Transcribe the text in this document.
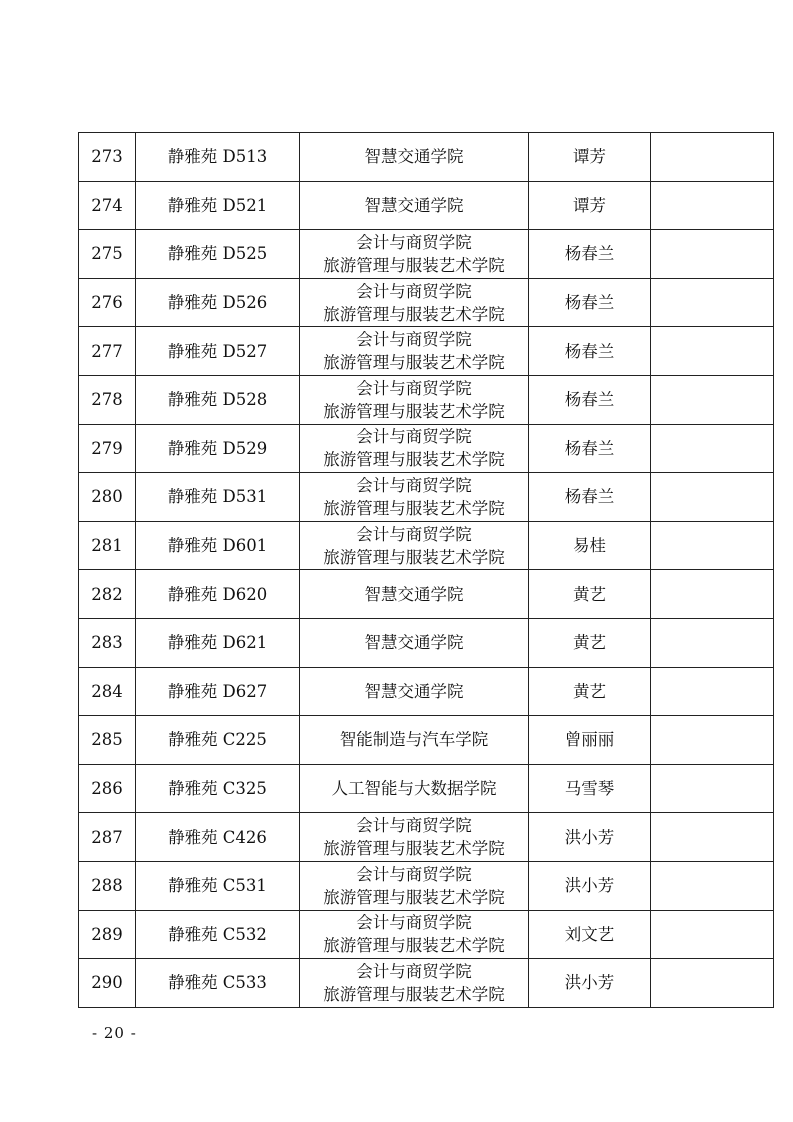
273	静雅苑 D513	智慧交通学院	谭芳	
274	静雅苑 D521	智慧交通学院	谭芳	
275	静雅苑 D525	会计与商贸学院
旅游管理与服装艺术学院	杨春兰	
276	静雅苑 D526	会计与商贸学院
旅游管理与服装艺术学院	杨春兰	
277	静雅苑 D527	会计与商贸学院
旅游管理与服装艺术学院	杨春兰	
278	静雅苑 D528	会计与商贸学院
旅游管理与服装艺术学院	杨春兰	
279	静雅苑 D529	会计与商贸学院
旅游管理与服装艺术学院	杨春兰	
280	静雅苑 D531	会计与商贸学院
旅游管理与服装艺术学院	杨春兰	
281	静雅苑 D601	会计与商贸学院
旅游管理与服装艺术学院	易桂	
282	静雅苑 D620	智慧交通学院	黄艺	
283	静雅苑 D621	智慧交通学院	黄艺	
284	静雅苑 D627	智慧交通学院	黄艺	
285	静雅苑 C225	智能制造与汽车学院	曾丽丽	
286	静雅苑 C325	人工智能与大数据学院	马雪琴	
287	静雅苑 C426	会计与商贸学院
旅游管理与服装艺术学院	洪小芳	
288	静雅苑 C531	会计与商贸学院
旅游管理与服装艺术学院	洪小芳	
289	静雅苑 C532	会计与商贸学院
旅游管理与服装艺术学院	刘文艺	
290	静雅苑 C533	会计与商贸学院
旅游管理与服装艺术学院	洪小芳	
- 20 -
